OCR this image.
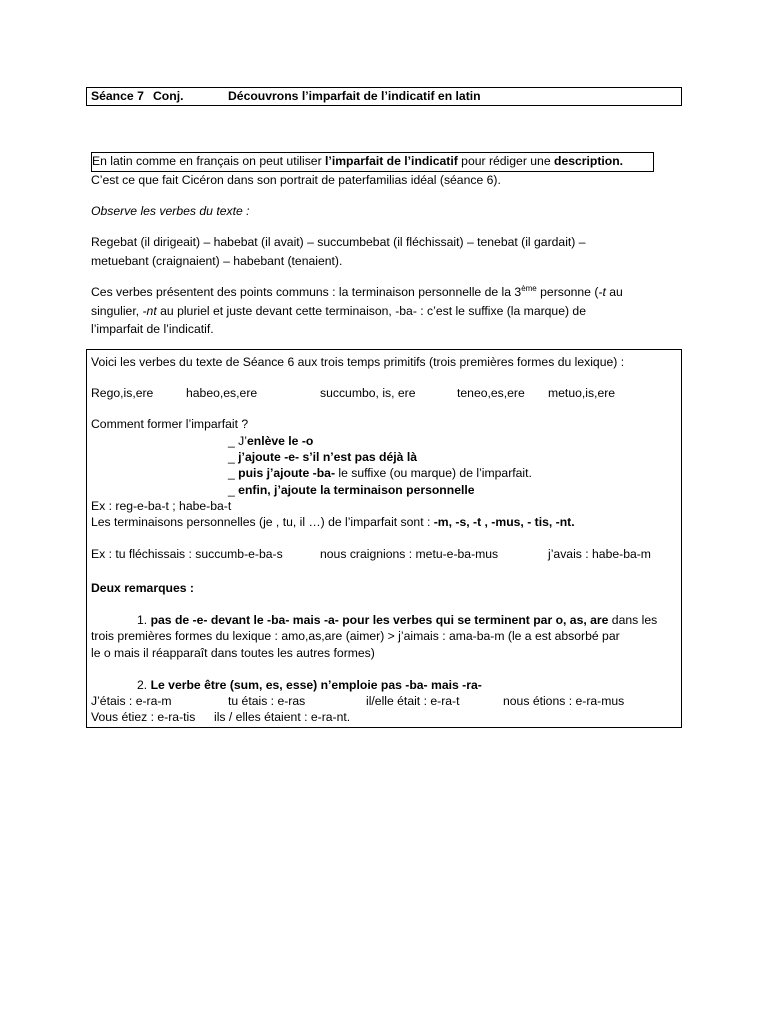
Séance 7 Conj.	Découvrons l’imparfait de l’indicatif en latin
En latin comme en français on peut utiliser l’imparfait de l’indicatif pour rédiger une description.
C’est ce que fait Cicéron dans son portrait de paterfamilias idéal (séance 6).
Observe les verbes du texte :
Regebat (il dirigeait) – habebat (il avait) – succumbebat (il fléchissait) – tenebat (il gardait) –
metuebant (craignaient) – habebant (tenaient).
Ces verbes présentent des points communs : la terminaison personnelle de la 3ème personne (-t au
singulier, -nt au pluriel et juste devant cette terminaison, -ba- : c’est le suffixe (la marque) de
l’imparfait de l’indicatif.
Voici les verbes du texte de Séance 6 aux trois temps primitifs (trois premières formes du lexique) :
Rego,is,ere	habeo,es,ere	succumbo, is, ere	teneo,es,ere metuo,is,ere
Comment former l’imparfait ?
_ J’enlève le -o
_ j’ajoute -e- s’il n’est pas déjà là
_ puis j’ajoute -ba- le suffixe (ou marque) de l’imparfait.
_ enfin, j’ajoute la terminaison personnelle
Ex : reg-e-ba-t ; habe-ba-t
Les terminaisons personnelles (je , tu, il …) de l’imparfait sont : -m, -s, -t , -mus, - tis, -nt.
Ex : tu fléchissais : succumb-e-ba-s	nous craignions : metu-e-ba-mus	j’avais : habe-ba-m
Deux remarques :
1. pas de -e- devant le -ba- mais -a- pour les verbes qui se terminent par o, as, are dans les
trois premières formes du lexique : amo,as,are (aimer) > j’aimais : ama-ba-m (le a est absorbé par
le o mais il réapparaît dans toutes les autres formes)
2. Le verbe être (sum, es, esse) n’emploie pas -ba- mais -ra-
J’étais : e-ra-m	tu étais : e-ras	il/elle était : e-ra-t	nous étions : e-ra-mus
Vous étiez : e-ra-tis ils / elles étaient : e-ra-nt.
